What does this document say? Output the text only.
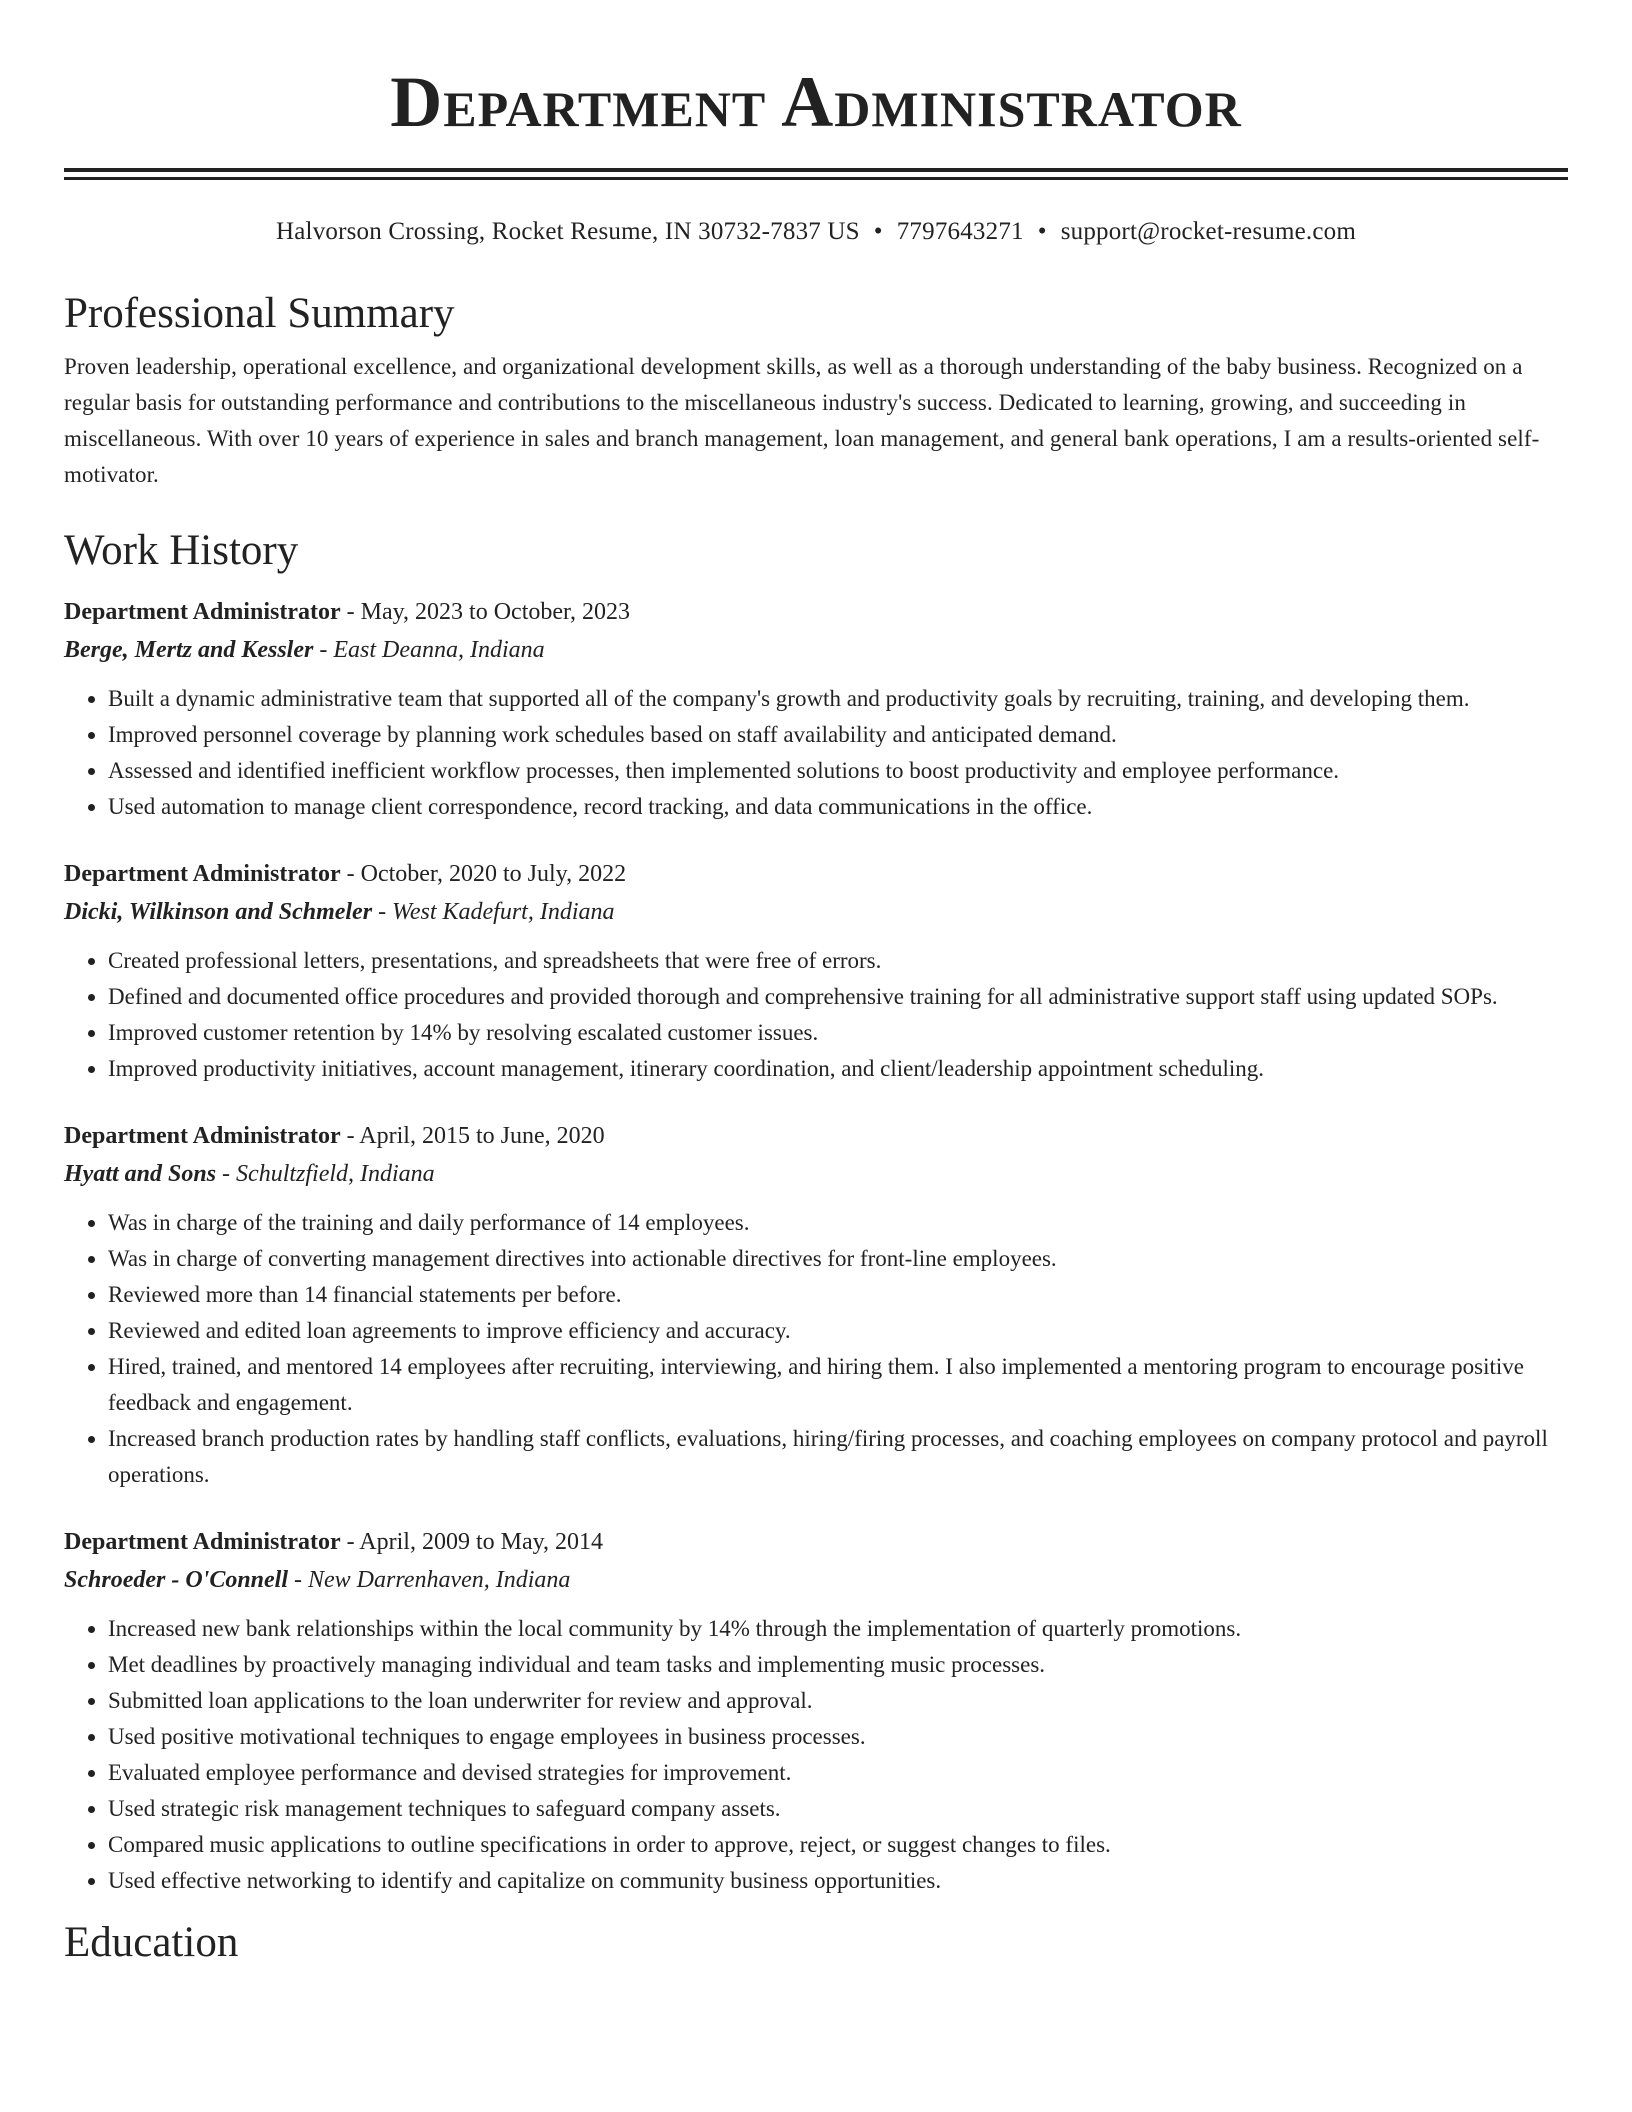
Department Administrator
Halvorson Crossing, Rocket Resume, IN 30732-7837 US • 7797643271 • support@rocket-resume.com
Professional Summary
Proven leadership, operational excellence, and organizational development skills, as well as a thorough understanding of the baby business. Recognized on a regular basis for outstanding performance and contributions to the miscellaneous industry's success. Dedicated to learning, growing, and succeeding in miscellaneous. With over 10 years of experience in sales and branch management, loan management, and general bank operations, I am a results-oriented self-motivator.
Work History
Department Administrator - May, 2023 to October, 2023
Berge, Mertz and Kessler - East Deanna, Indiana
• Built a dynamic administrative team that supported all of the company's growth and productivity goals by recruiting, training, and developing them.
• Improved personnel coverage by planning work schedules based on staff availability and anticipated demand.
• Assessed and identified inefficient workflow processes, then implemented solutions to boost productivity and employee performance.
• Used automation to manage client correspondence, record tracking, and data communications in the office.
Department Administrator - October, 2020 to July, 2022
Dicki, Wilkinson and Schmeler - West Kadefurt, Indiana
• Created professional letters, presentations, and spreadsheets that were free of errors.
• Defined and documented office procedures and provided thorough and comprehensive training for all administrative support staff using updated SOPs.
• Improved customer retention by 14% by resolving escalated customer issues.
• Improved productivity initiatives, account management, itinerary coordination, and client/leadership appointment scheduling.
Department Administrator - April, 2015 to June, 2020
Hyatt and Sons - Schultzfield, Indiana
• Was in charge of the training and daily performance of 14 employees.
• Was in charge of converting management directives into actionable directives for front-line employees.
• Reviewed more than 14 financial statements per before.
• Reviewed and edited loan agreements to improve efficiency and accuracy.
• Hired, trained, and mentored 14 employees after recruiting, interviewing, and hiring them. I also implemented a mentoring program to encourage positive feedback and engagement.
• Increased branch production rates by handling staff conflicts, evaluations, hiring/firing processes, and coaching employees on company protocol and payroll operations.
Department Administrator - April, 2009 to May, 2014
Schroeder - O'Connell - New Darrenhaven, Indiana
• Increased new bank relationships within the local community by 14% through the implementation of quarterly promotions.
• Met deadlines by proactively managing individual and team tasks and implementing music processes.
• Submitted loan applications to the loan underwriter for review and approval.
• Used positive motivational techniques to engage employees in business processes.
• Evaluated employee performance and devised strategies for improvement.
• Used strategic risk management techniques to safeguard company assets.
• Compared music applications to outline specifications in order to approve, reject, or suggest changes to files.
• Used effective networking to identify and capitalize on community business opportunities.
Education
